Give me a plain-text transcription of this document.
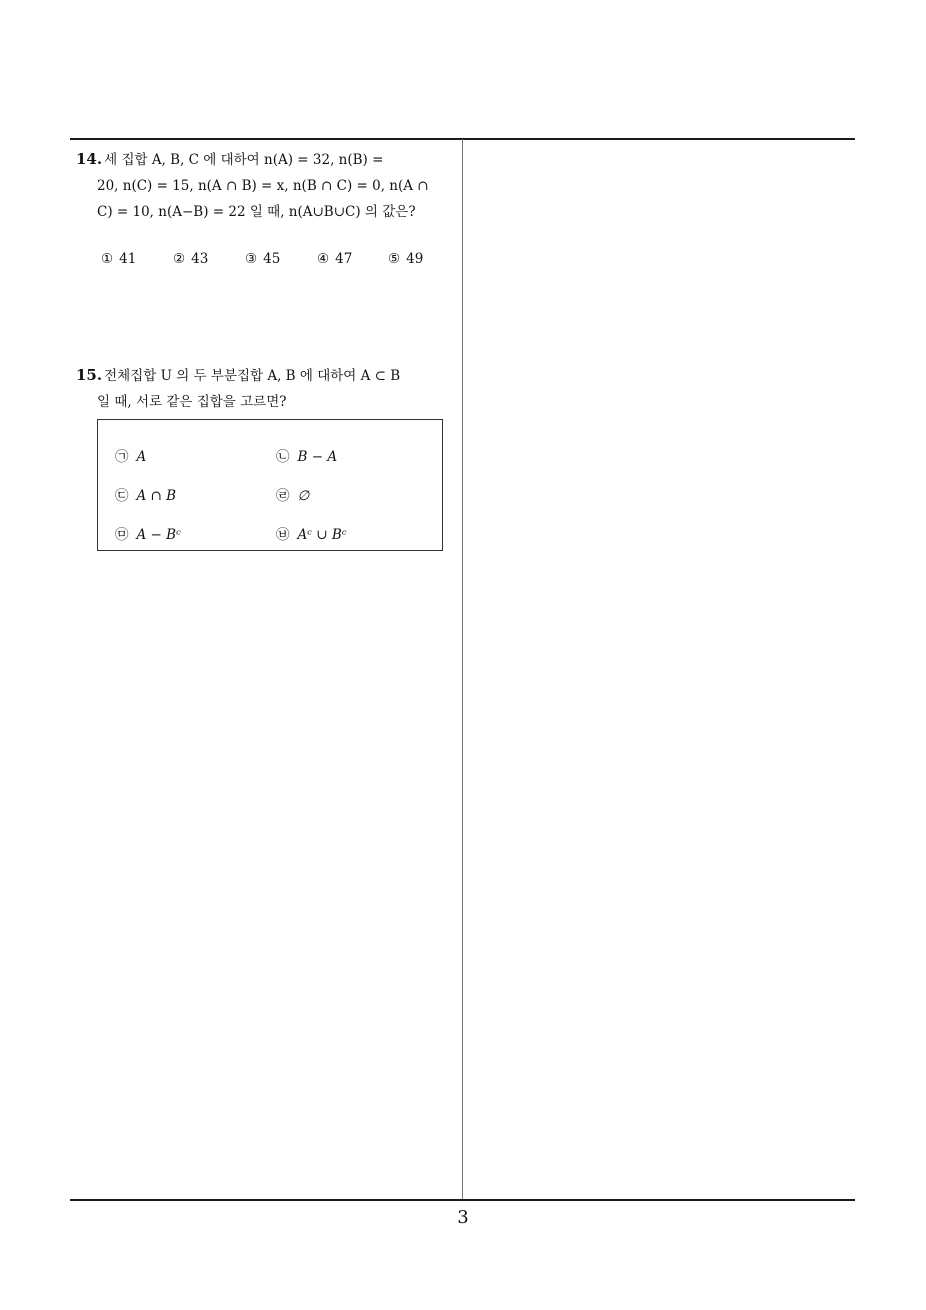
14. 세 집합 A, B, C 에 대하여 n(A) = 32, n(B) =
20, n(C) = 15, n(A ∩ B) = x, n(B ∩ C) = 0, n(A ∩
C) = 10, n(A−B) = 22 일 때, n(A∪B∪C) 의 값은?
① 41	② 43	③ 45	④ 47	⑤ 49
15. 전체집합 U 의 두 부분집합 A, B 에 대하여 A ⊂ B
일 때, 서로 같은 집합을 고르면?
㉠ A	㉡ B − A
㉢ A ∩ B	㉣ ∅
㉤ A − Bᶜ	㉥ Aᶜ ∪ Bᶜ
3
